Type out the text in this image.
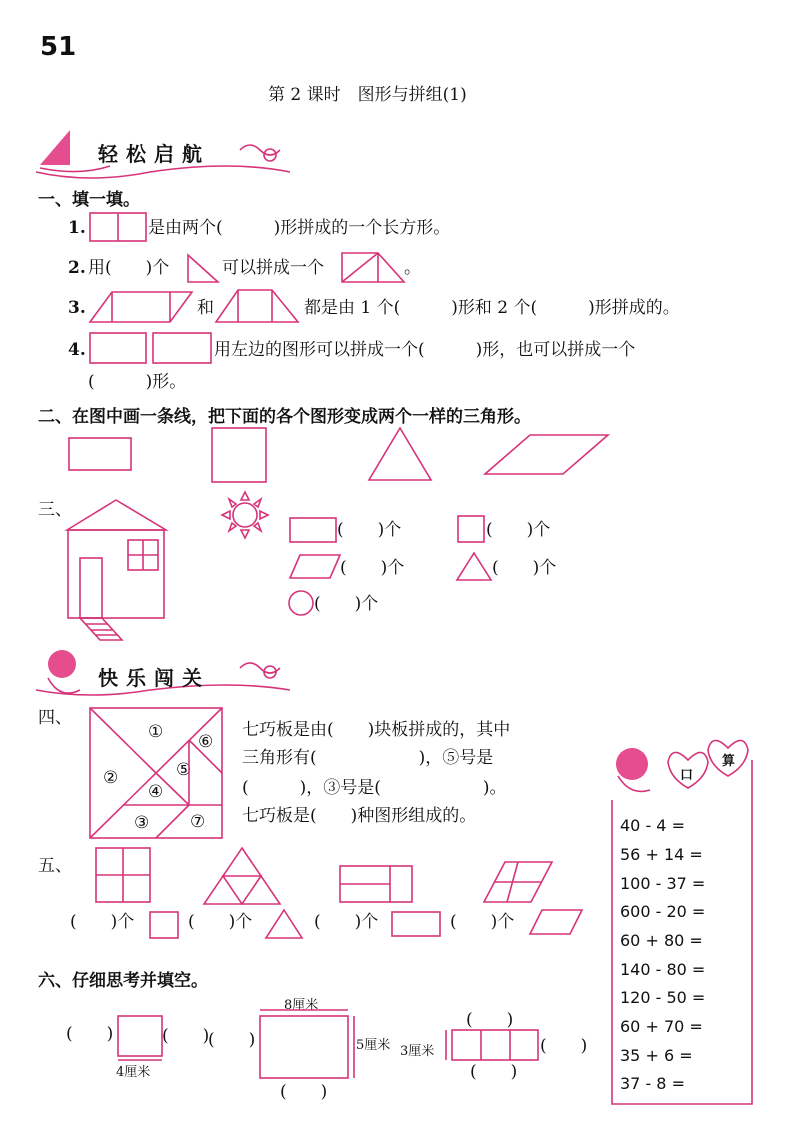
51
第 2 课时　图形与拼组(1)
轻松启航
一、填一填。
1.	是由两个(　　　)形拼成的一个长方形。
2. 用(　　)个	可以拼成一个	。
3.	和	都是由 1 个(　　　)形和 2 个(　　　)形拼成的。
4.	用左边的图形可以拼成一个(　　　)形，也可以拼成一个
(　　　)形。
二、在图中画一条线，把下面的各个图形变成两个一样的三角形。
三、
(　　)个	(　　)个
(　　)个	(　　)个
(　　)个
快乐闯关
四、
①
②
③
④
⑤
⑥
⑦
七巧板是由(　　)块板拼成的，其中
三角形有(　　　　　　)，⑤号是
(　　　)，③号是(　　　　　　)。
七巧板是(　　)种图形组成的。
口
算
40 - 4 =
56 + 14 =
100 - 37 =
600 - 20 =
60 + 80 =
140 - 80 =
120 - 50 =
60 + 70 =
35 + 6 =
37 - 8 =
五、
(　　)个	(　　)个	(　　)个	(　　)个
六、仔细思考并填空。
(　　)	(　　)
4厘米
(　　)
8厘米
5厘米
(　　)
3厘米
(　　)
(　　)
(　　)
